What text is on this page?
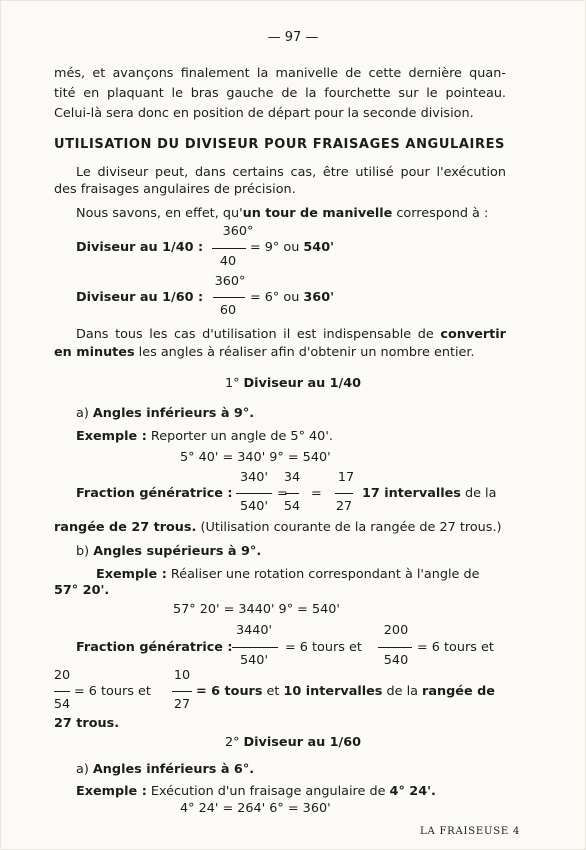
— 97 —
més, et avançons finalement la manivelle de cette dernière quan-
tité en plaquant le bras gauche de la fourchette sur le pointeau.
Celui-là sera donc en position de départ pour la seconde division.
UTILISATION DU DIVISEUR POUR FRAISAGES ANGULAIRES
Le diviseur peut, dans certains cas, être utilisé pour l'exécution
des fraisages angulaires de précision.
Nous savons, en effet, qu'un tour de manivelle correspond à :
Diviseur au 1/40 :
360°
40
= 9° ou 540'
Diviseur au 1/60 :
360°
60
= 6° ou 360'
Dans tous les cas d'utilisation il est indispensable de convertir
en minutes les angles à réaliser afin d'obtenir un nombre entier.
1° Diviseur au 1/40
a) Angles inférieurs à 9°.
Exemple : Reporter un angle de 5° 40'.
5° 40' = 340' 9° = 540'
Fraction génératrice :
340'
540'
=
34
54
=
17
27
17 intervalles de la
rangée de 27 trous. (Utilisation courante de la rangée de 27 trous.)
b) Angles supérieurs à 9°.
Exemple : Réaliser une rotation correspondant à l'angle de
57° 20'.
57° 20' = 3440' 9° = 540'
Fraction génératrice :
3440'
540'
= 6 tours et
200
540
= 6 tours et
20
54
= 6 tours et
10
27
= 6 tours et 10 intervalles de la rangée de
27 trous.
2° Diviseur au 1/60
a) Angles inférieurs à 6°.
Exemple : Exécution d'un fraisage angulaire de 4° 24'.
4° 24' = 264' 6° = 360'
LA FRAISEUSE 4
